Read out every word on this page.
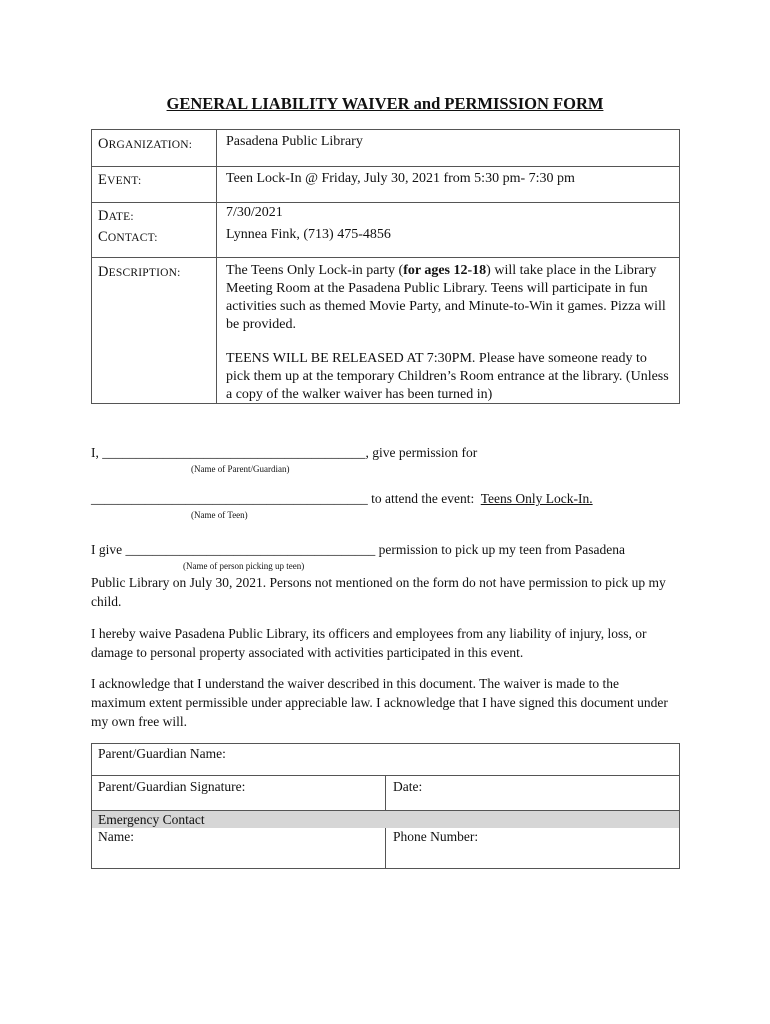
GENERAL LIABILITY WAIVER and PERMISSION FORM
ORGANIZATION: Pasadena Public Library
EVENT:	Teen Lock-In @ Friday, July 30, 2021 from 5:30 pm- 7:30 pm
DATE:	7/30/2021
CONTACT:	Lynnea Fink, (713) 475-4856
DESCRIPTION:	The Teens Only Lock-in party (for ages 12-18) will take place in the Library Meeting Room at the Pasadena Public Library. Teens will participate in fun activities such as themed Movie Party, and Minute-to-Win it games. Pizza will be provided.
TEENS WILL BE RELEASED AT 7:30PM. Please have someone ready to pick them up at the temporary Children’s Room entrance at the library. (Unless a copy of the walker waiver has been turned in)
I, _______________________________________, give permission for
(Name of Parent/Guardian)
_________________________________________ to attend the event: Teens Only Lock-In.
(Name of Teen)
I give _____________________________________ permission to pick up my teen from Pasadena
(Name of person picking up teen)
Public Library on July 30, 2021. Persons not mentioned on the form do not have permission to pick up my child.
I hereby waive Pasadena Public Library, its officers and employees from any liability of injury, loss, or damage to personal property associated with activities participated in this event.
I acknowledge that I understand the waiver described in this document. The waiver is made to the maximum extent permissible under appreciable law. I acknowledge that I have signed this document under my own free will.
Parent/Guardian Name:
Parent/Guardian Signature:	Date:
Emergency Contact
Name:	Phone Number:
